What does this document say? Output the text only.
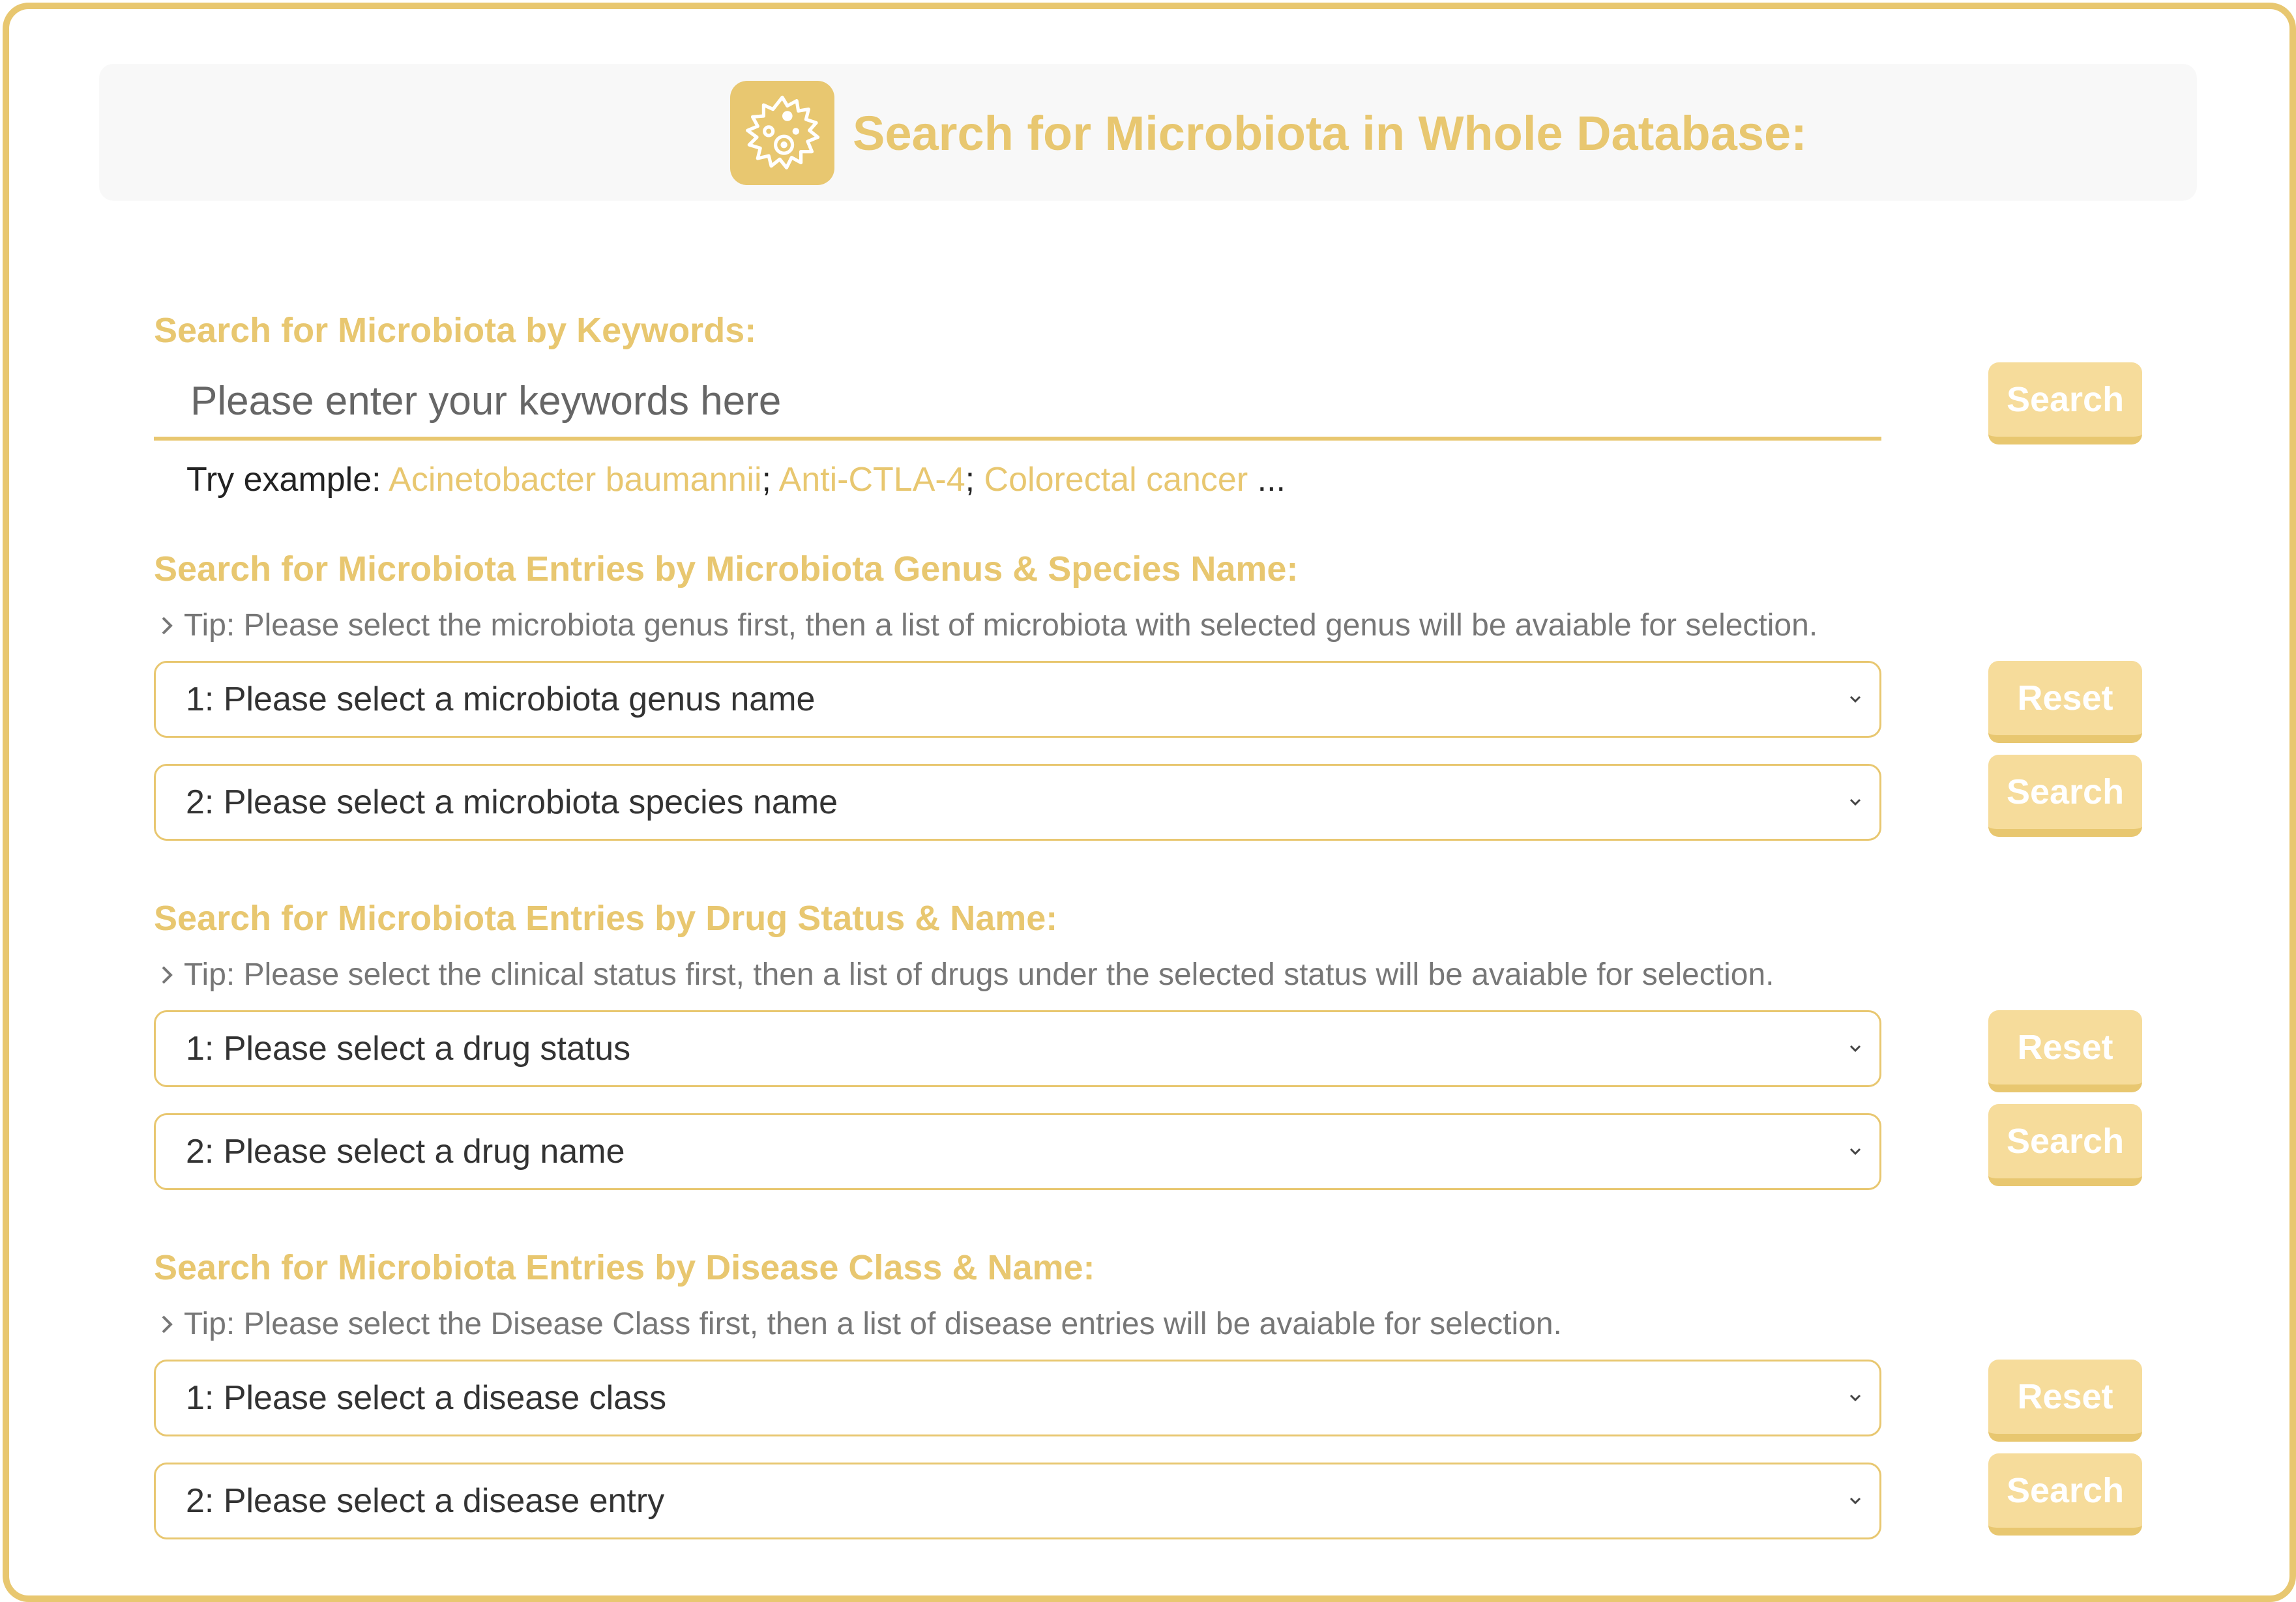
Search for Microbiota in Whole Database:
Search for Microbiota by Keywords:
Please enter your keywords here
Search
Try example: Acinetobacter baumannii; Anti-CTLA-4; Colorectal cancer ...
Search for Microbiota Entries by Microbiota Genus & Species Name:
Tip: Please select the microbiota genus first, then a list of microbiota with selected genus will be avaiable for selection.
1: Please select a microbiota genus name	Reset
2: Please select a microbiota species name	Search
Search for Microbiota Entries by Drug Status & Name:
Tip: Please select the clinical status first, then a list of drugs under the selected status will be avaiable for selection.
1: Please select a drug status	Reset
2: Please select a drug name	Search
Search for Microbiota Entries by Disease Class & Name:
Tip: Please select the Disease Class first, then a list of disease entries will be avaiable for selection.
1: Please select a disease class	Reset
2: Please select a disease entry	Search
